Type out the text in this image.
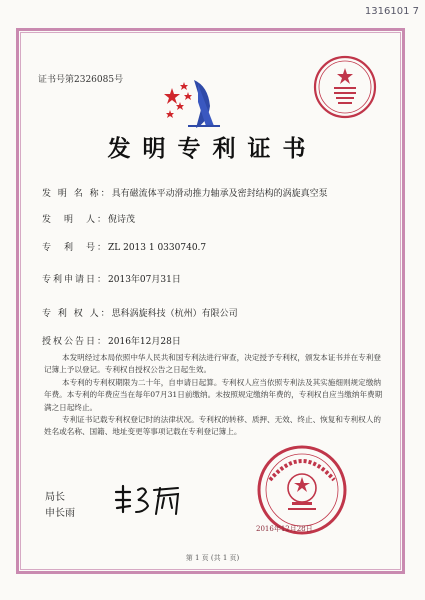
1316101 7
证书号第2326085号
发明专利证书
发 明 名 称：具有磁流体平动滑动推力轴承及密封结构的涡旋真空泵
发　明　人：倪诗茂
专　利　号：ZL 2013 1 0330740.7
专利申请日：2013年07月31日
专 利 权 人：思科涡旋科技（杭州）有限公司
授权公告日：2016年12月28日

本发明经过本局依照中华人民共和国专利法进行审查，决定授予专利权，颁发本证书并在专利登记簿上予以登记。专利权自授权公告之日起生效。

本专利的专利权期限为二十年，自申请日起算。专利权人应当依照专利法及其实施细则规定缴纳年费。本专利的年费应当在每年07月31日前缴纳。未按照规定缴纳年费的，专利权自应当缴纳年费期满之日起终止。

专利证书记载专利权登记时的法律状况。专利权的转移、质押、无效、终止、恢复和专利权人的姓名或名称、国籍、地址变更等事项记载在专利登记簿上。

局长
申长雨
2016年12月28日
第 1 页 (共 1 页)
